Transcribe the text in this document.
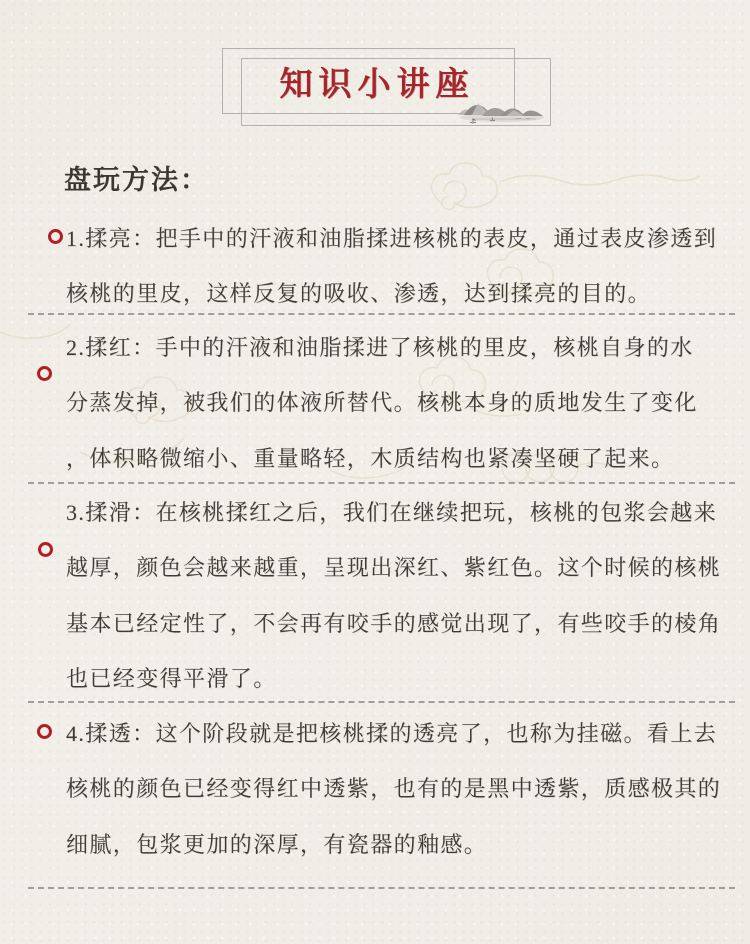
知识小讲座
盘玩方法：
1.揉亮：把手中的汗液和油脂揉进核桃的表皮，通过表皮渗透到
核桃的里皮，这样反复的吸收、渗透，达到揉亮的目的。
2.揉红：手中的汗液和油脂揉进了核桃的里皮，核桃自身的水
分蒸发掉，被我们的体液所替代。核桃本身的质地发生了变化
，体积略微缩小、重量略轻，木质结构也紧凑坚硬了起来。
3.揉滑：在核桃揉红之后，我们在继续把玩，核桃的包浆会越来
越厚，颜色会越来越重，呈现出深红、紫红色。这个时候的核桃
基本已经定性了，不会再有咬手的感觉出现了，有些咬手的棱角
也已经变得平滑了。
4.揉透：这个阶段就是把核桃揉的透亮了，也称为挂磁。看上去
核桃的颜色已经变得红中透紫，也有的是黑中透紫，质感极其的
细腻，包浆更加的深厚，有瓷器的釉感。
